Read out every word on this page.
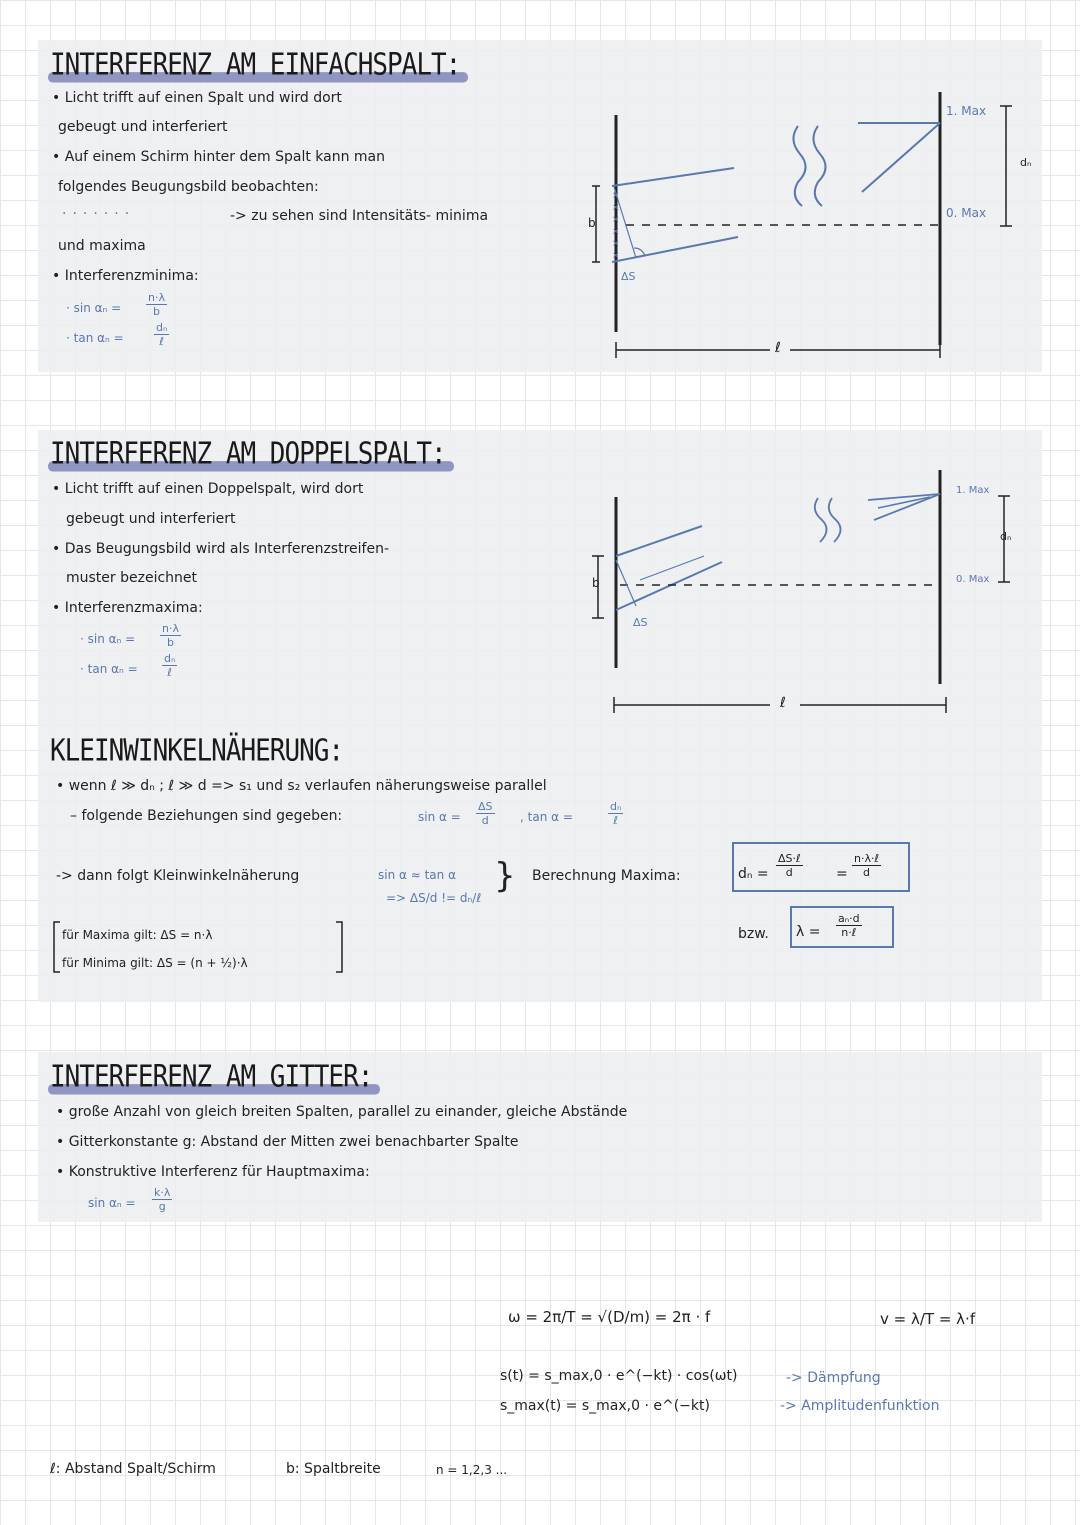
INTERFERENZ AM EINFACHSPALT:
• Licht trifft auf einen Spalt und wird dort
gebeugt und interferiert
• Auf einem Schirm hinter dem Spalt kann man
folgendes Beugungsbild beobachten:
·······	-> zu sehen sind Intensitäts- minima
und maxima
• Interferenzminima:
· $\sin \alpha_n = \frac{n\cdot\lambda}{b}$
· tan αₙ =
dₙ
ℓ
×
×
×
×
×
×
b
ΔS
ℓ
1. Max
0. Max
dₙ
INTERFERENZ AM DOPPELSPALT:
• Licht trifft auf einen Doppelspalt, wird dort
gebeugt und interferiert
• Das Beugungsbild wird als Interferenzstreifen-
muster bezeichnet
• Interferenzmaxima:
· $\sin \alpha_n = \frac{n\cdot\lambda}{b}$
· tan αₙ =
dₙ
ℓ
b
ΔS
ℓ
1. Max
0. Max
dₙ
KLEINWINKELNÄHERUNG:
• wenn ℓ ≫ dₙ ; ℓ ≫ d => s₁ und s₂ verlaufen näherungsweise parallel
– folgende Beziehungen sind gegeben:	$\sin \alpha = \frac{\Delta S}{d}$ , tan α =
dₙ
ℓ
-> dann folgt Kleinwinkelnäherung	sin α ≈ tan α
=> ΔS/d != dₙ/ℓ
} Berechnung Maxima:	dₙ =
ΔS·ℓ
d	=
n·λ·ℓ
d
bzw. λ =
aₙ·d
n·ℓ
für Maxima gilt: ΔS = n·λ
für Minima gilt: ΔS = (n + ½)·λ
INTERFERENZ AM GITTER:
• große Anzahl von gleich breiten Spalten, parallel zu einander, gleiche Abstände
• Gitterkonstante g: Abstand der Mitten zwei benachbarter Spalte
• Konstruktive Interferenz für Hauptmaxima:
$\sin \alpha_n = \frac{k\cdot\lambda}{g}$
ω = 2π/T = √(D/m) = 2π · f	v = λ/T = λ·f
s(t) = s_max,0 · e^(−kt) · cos(ωt)	-> Dämpfung
s_max(t) = s_max,0 · e^(−kt)	-> Amplitudenfunktion
ℓ: Abstand Spalt/Schirm	b: Spaltbreite	n = 1,2,3 ...
